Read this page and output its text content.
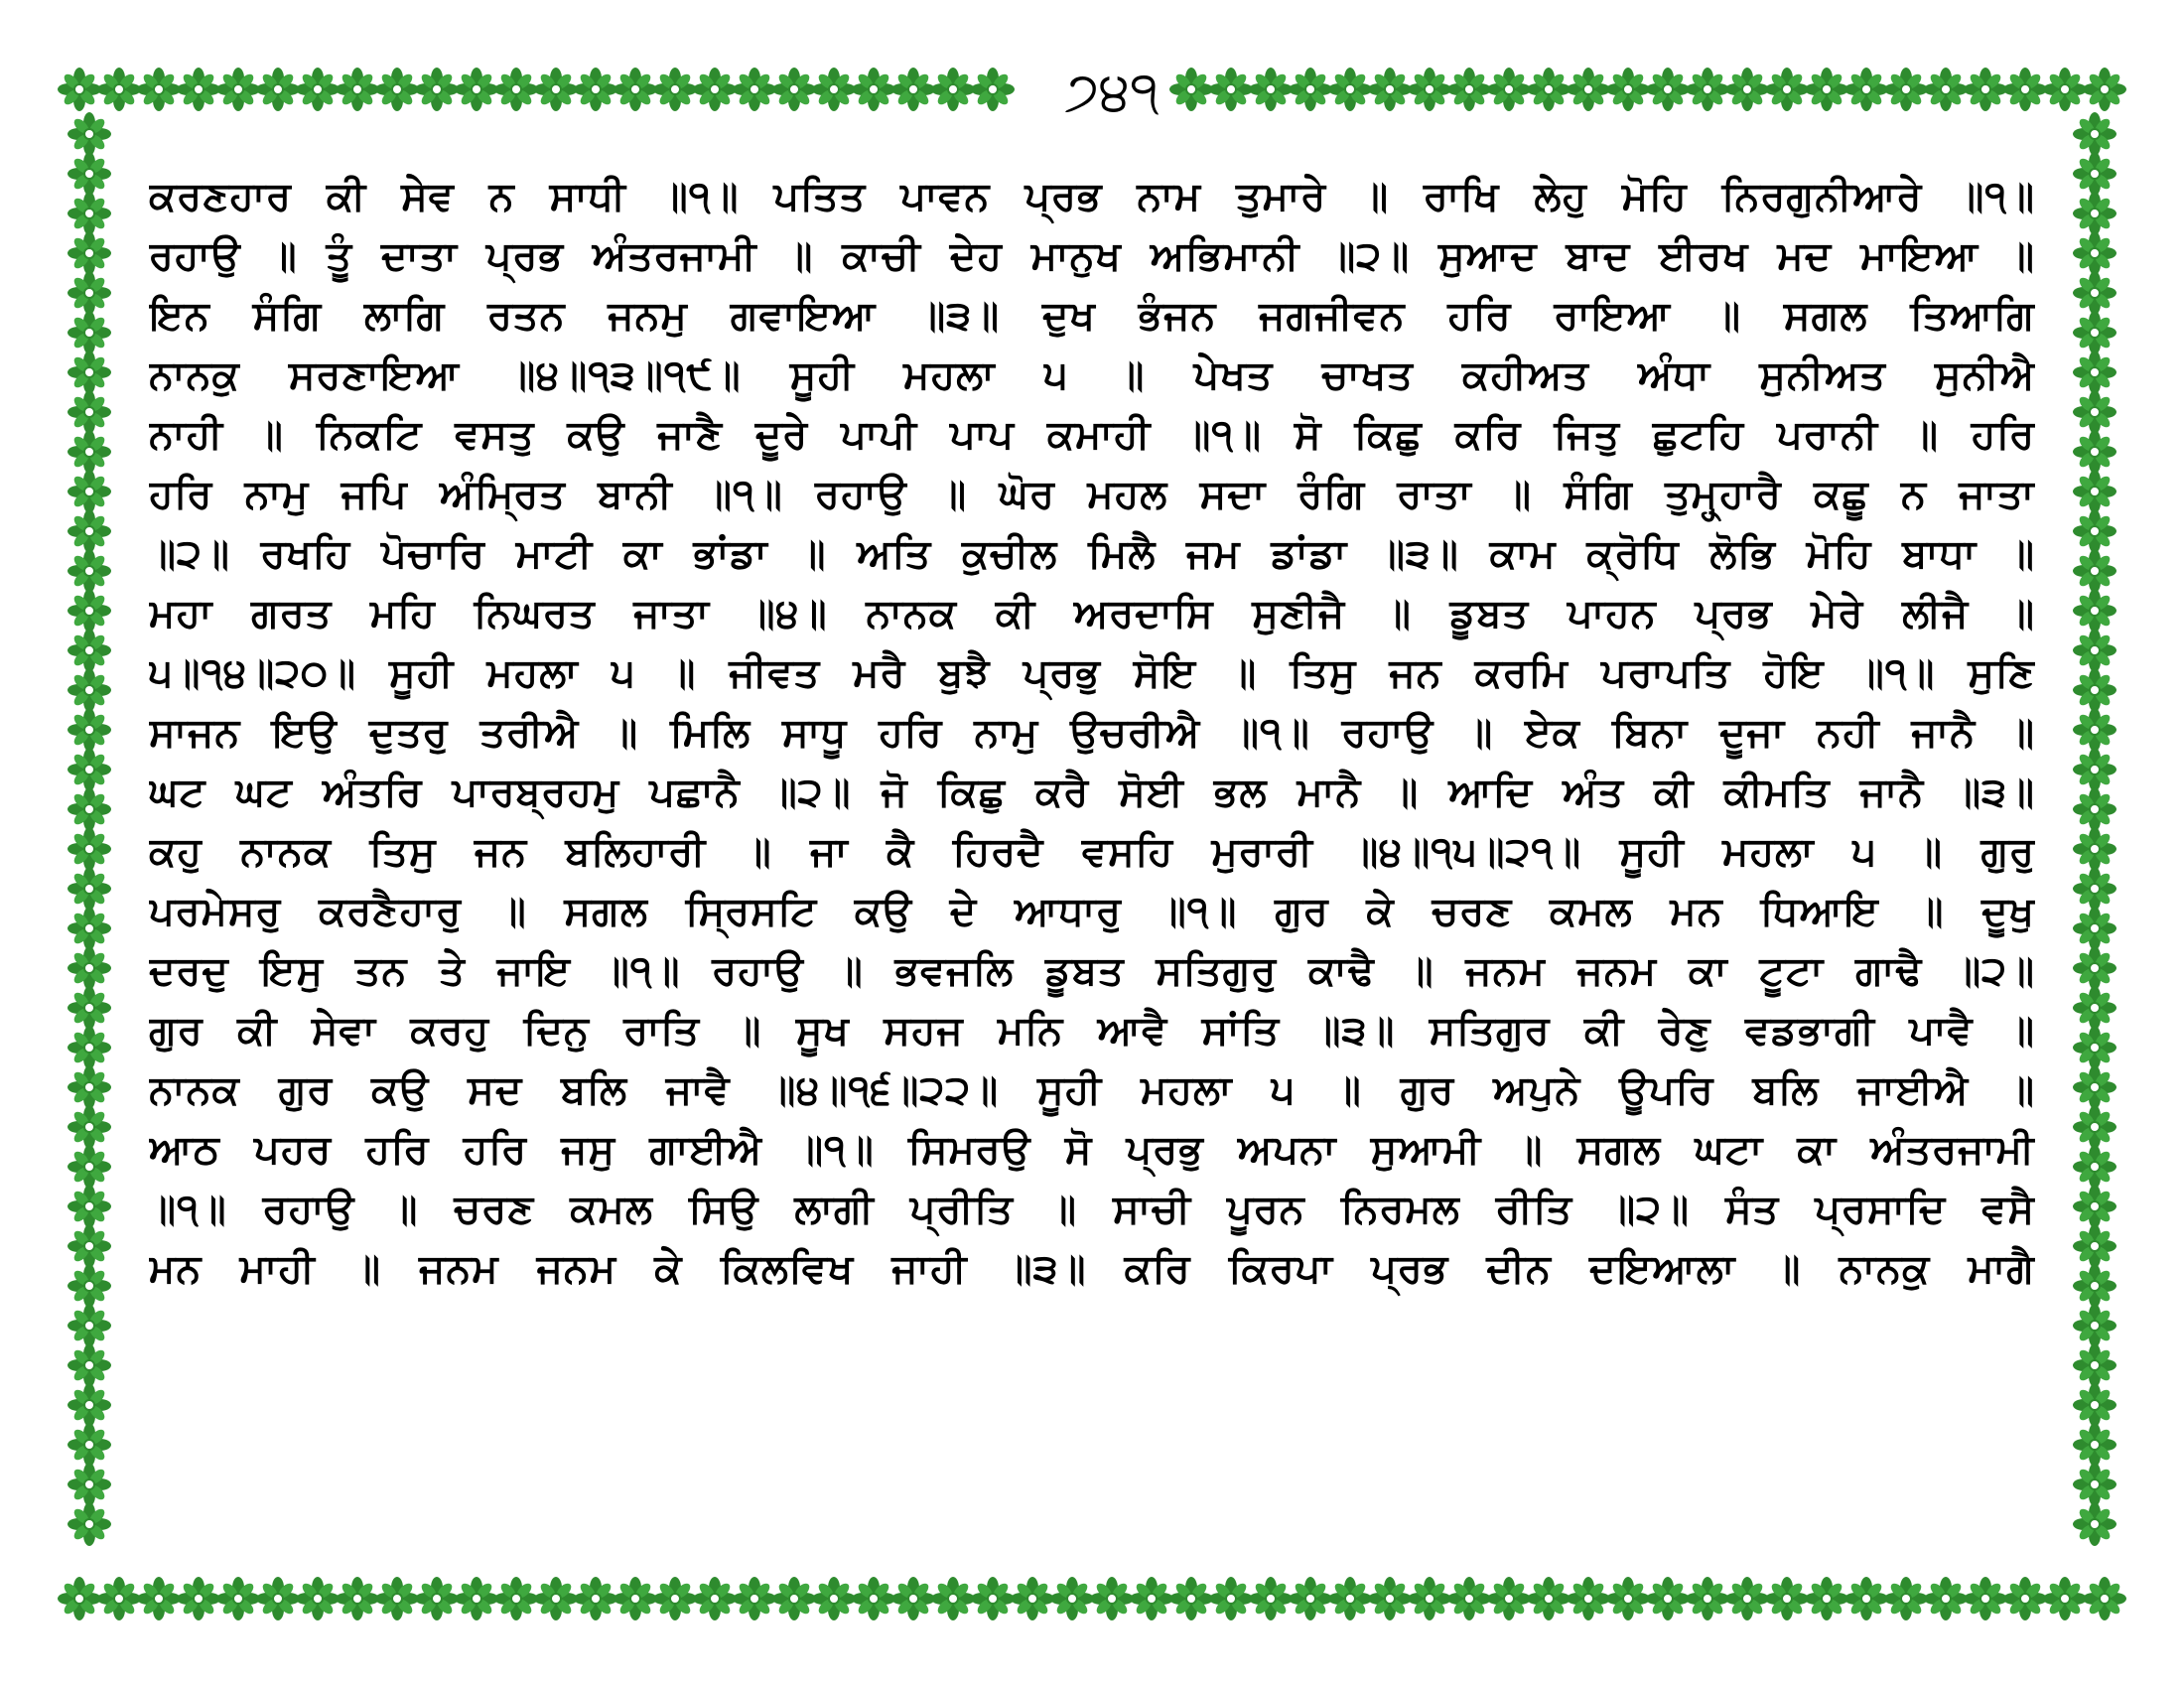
੭੪੧
ਕਰਣਹਾਰ ਕੀ ਸੇਵ ਨ ਸਾਧੀ ॥੧॥ ਪਤਿਤ ਪਾਵਨ ਪ੍ਰਭ ਨਾਮ ਤੁਮਾਰੇ ॥ ਰਾਖਿ ਲੇਹੁ ਮੋਹਿ ਨਿਰਗੁਨੀਆਰੇ ॥੧॥
ਰਹਾਉ ॥ ਤੂੰ ਦਾਤਾ ਪ੍ਰਭ ਅੰਤਰਜਾਮੀ ॥ ਕਾਚੀ ਦੇਹ ਮਾਨੁਖ ਅਭਿਮਾਨੀ ॥੨॥ ਸੁਆਦ ਬਾਦ ਈਰਖ ਮਦ ਮਾਇਆ ॥
ਇਨ ਸੰਗਿ ਲਾਗਿ ਰਤਨ ਜਨਮੁ ਗਵਾਇਆ ॥੩॥ ਦੁਖ ਭੰਜਨ ਜਗਜੀਵਨ ਹਰਿ ਰਾਇਆ ॥ ਸਗਲ ਤਿਆਗਿ
ਨਾਨਕੁ ਸਰਣਾਇਆ ॥੪॥੧੩॥੧੯॥ ਸੂਹੀ ਮਹਲਾ ੫ ॥ ਪੇਖਤ ਚਾਖਤ ਕਹੀਅਤ ਅੰਧਾ ਸੁਨੀਅਤ ਸੁਨੀਐ
ਨਾਹੀ ॥ ਨਿਕਟਿ ਵਸਤੁ ਕਉ ਜਾਣੈ ਦੂਰੇ ਪਾਪੀ ਪਾਪ ਕਮਾਹੀ ॥੧॥ ਸੋ ਕਿਛੁ ਕਰਿ ਜਿਤੁ ਛੁਟਹਿ ਪਰਾਨੀ ॥ ਹਰਿ
ਹਰਿ ਨਾਮੁ ਜਪਿ ਅੰਮ੍ਰਿਤ ਬਾਨੀ ॥੧॥ ਰਹਾਉ ॥ ਘੋਰ ਮਹਲ ਸਦਾ ਰੰਗਿ ਰਾਤਾ ॥ ਸੰਗਿ ਤੁਮ੍ਹ੍ਹਾਰੈ ਕਛੂ ਨ ਜਾਤਾ
॥੨॥ ਰਖਹਿ ਪੋਚਾਰਿ ਮਾਟੀ ਕਾ ਭਾਂਡਾ ॥ ਅਤਿ ਕੁਚੀਲ ਮਿਲੈ ਜਮ ਡਾਂਡਾ ॥੩॥ ਕਾਮ ਕ੍ਰੋਧਿ ਲੋਭਿ ਮੋਹਿ ਬਾਧਾ ॥
ਮਹਾ ਗਰਤ ਮਹਿ ਨਿਘਰਤ ਜਾਤਾ ॥੪॥ ਨਾਨਕ ਕੀ ਅਰਦਾਸਿ ਸੁਣੀਜੈ ॥ ਡੂਬਤ ਪਾਹਨ ਪ੍ਰਭ ਮੇਰੇ ਲੀਜੈ ॥
੫॥੧੪॥੨੦॥ ਸੂਹੀ ਮਹਲਾ ੫ ॥ ਜੀਵਤ ਮਰੈ ਬੁਝੈ ਪ੍ਰਭੁ ਸੋਇ ॥ ਤਿਸੁ ਜਨ ਕਰਮਿ ਪਰਾਪਤਿ ਹੋਇ ॥੧॥ ਸੁਣਿ
ਸਾਜਨ ਇਉ ਦੁਤਰੁ ਤਰੀਐ ॥ ਮਿਲਿ ਸਾਧੂ ਹਰਿ ਨਾਮੁ ਉਚਰੀਐ ॥੧॥ ਰਹਾਉ ॥ ਏਕ ਬਿਨਾ ਦੂਜਾ ਨਹੀ ਜਾਨੈ ॥
ਘਟ ਘਟ ਅੰਤਰਿ ਪਾਰਬ੍ਰਹਮੁ ਪਛਾਨੈ ॥੨॥ ਜੋ ਕਿਛੁ ਕਰੈ ਸੋਈ ਭਲ ਮਾਨੈ ॥ ਆਦਿ ਅੰਤ ਕੀ ਕੀਮਤਿ ਜਾਨੈ ॥੩॥
ਕਹੁ ਨਾਨਕ ਤਿਸੁ ਜਨ ਬਲਿਹਾਰੀ ॥ ਜਾ ਕੈ ਹਿਰਦੈ ਵਸਹਿ ਮੁਰਾਰੀ ॥੪॥੧੫॥੨੧॥ ਸੂਹੀ ਮਹਲਾ ੫ ॥ ਗੁਰੁ
ਪਰਮੇਸਰੁ ਕਰਣੈਹਾਰੁ ॥ ਸਗਲ ਸ੍ਰਿਸਟਿ ਕਉ ਦੇ ਆਧਾਰੁ ॥੧॥ ਗੁਰ ਕੇ ਚਰਣ ਕਮਲ ਮਨ ਧਿਆਇ ॥ ਦੂਖੁ
ਦਰਦੁ ਇਸੁ ਤਨ ਤੇ ਜਾਇ ॥੧॥ ਰਹਾਉ ॥ ਭਵਜਲਿ ਡੂਬਤ ਸਤਿਗੁਰੁ ਕਾਢੈ ॥ ਜਨਮ ਜਨਮ ਕਾ ਟੂਟਾ ਗਾਢੈ ॥੨॥
ਗੁਰ ਕੀ ਸੇਵਾ ਕਰਹੁ ਦਿਨੁ ਰਾਤਿ ॥ ਸੂਖ ਸਹਜ ਮਨਿ ਆਵੈ ਸਾਂਤਿ ॥੩॥ ਸਤਿਗੁਰ ਕੀ ਰੇਣੁ ਵਡਭਾਗੀ ਪਾਵੈ ॥
ਨਾਨਕ ਗੁਰ ਕਉ ਸਦ ਬਲਿ ਜਾਵੈ ॥੪॥੧੬॥੨੨॥ ਸੂਹੀ ਮਹਲਾ ੫ ॥ ਗੁਰ ਅਪੁਨੇ ਊਪਰਿ ਬਲਿ ਜਾਈਐ ॥
ਆਠ ਪਹਰ ਹਰਿ ਹਰਿ ਜਸੁ ਗਾਈਐ ॥੧॥ ਸਿਮਰਉ ਸੋ ਪ੍ਰਭੁ ਅਪਨਾ ਸੁਆਮੀ ॥ ਸਗਲ ਘਟਾ ਕਾ ਅੰਤਰਜਾਮੀ
॥੧॥ ਰਹਾਉ ॥ ਚਰਣ ਕਮਲ ਸਿਉ ਲਾਗੀ ਪ੍ਰੀਤਿ ॥ ਸਾਚੀ ਪੂਰਨ ਨਿਰਮਲ ਰੀਤਿ ॥੨॥ ਸੰਤ ਪ੍ਰਸਾਦਿ ਵਸੈ
ਮਨ ਮਾਹੀ ॥ ਜਨਮ ਜਨਮ ਕੇ ਕਿਲਵਿਖ ਜਾਹੀ ॥੩॥ ਕਰਿ ਕਿਰਪਾ ਪ੍ਰਭ ਦੀਨ ਦਇਆਲਾ ॥ ਨਾਨਕੁ ਮਾਗੈ
